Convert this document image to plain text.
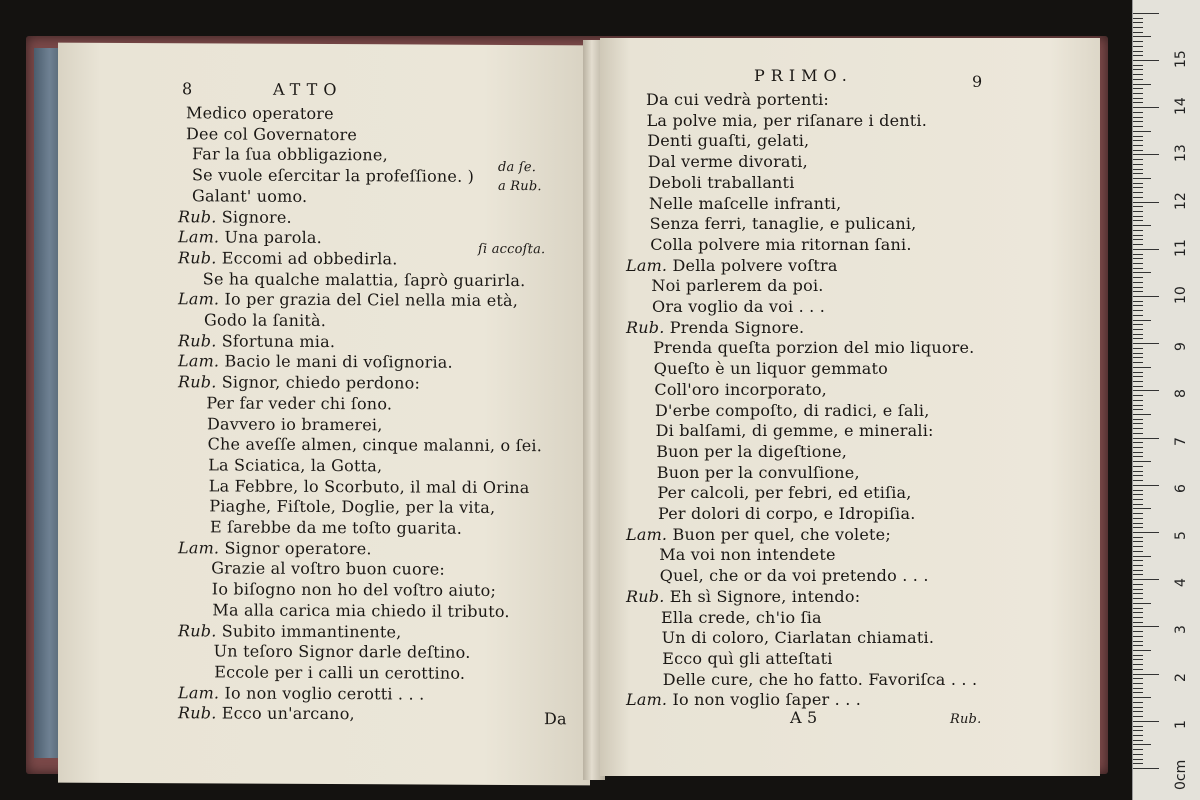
8	ATTO
Medico operatore
Dee col Governatore
Far la ſua obbligazione,
Se vuole eſercitar la profeſſione. )
Galant' uomo.
Rub. Signore.
Lam. Una parola.
Rub. Eccomi ad obbedirla.
Se ha qualche malattia, ſaprò guarirla.
Lam. Io per grazia del Ciel nella mia età,
Godo la ſanità.
Rub. Sfortuna mia.
Lam. Bacio le mani di voſignoria.
Rub. Signor, chiedo perdono:
Per far veder chi ſono.
Davvero io bramerei,
Che aveſſe almen, cinque malanni, o ſei.
La Sciatica, la Gotta,
La Febbre, lo Scorbuto, il mal di Orina
Piaghe, Fiſtole, Doglie, per la vita,
E ſarebbe da me toſto guarita.
Lam. Signor operatore.
Grazie al voſtro buon cuore:
Io biſogno non ho del voſtro aiuto;
Ma alla carica mia chiedo il tributo.
Rub. Subito immantinente,
Un teſoro Signor darle deſtino.
Eccole per i calli un cerottino.
Lam. Io non voglio cerotti . . .
Rub. Ecco un'arcano,
da ſe.
a Rub.
ſi accoſta.
Da
PRIMO.	9
Da cui vedrà portenti:
La polve mia, per riſanare i denti.
Denti guaſti, gelati,
Dal verme divorati,
Deboli traballanti
Nelle maſcelle infranti,
Senza ferri, tanaglie, e pulicani,
Colla polvere mia ritornan ſani.
Lam. Della polvere voſtra
Noi parlerem da poi.
Ora voglio da voi . . .
Rub. Prenda Signore.
Prenda queſta porzion del mio liquore.
Queſto è un liquor gemmato
Coll'oro incorporato,
D'erbe compoſto, di radici, e ſali,
Di balſami, di gemme, e minerali:
Buon per la digeſtione,
Buon per la convulſione,
Per calcoli, per febri, ed etiſia,
Per dolori di corpo, e Idropiſia.
Lam. Buon per quel, che volete;
Ma voi non intendete
Quel, che or da voi pretendo . . .
Rub. Eh sì Signore, intendo:
Ella crede, ch'io ſia
Un di coloro, Ciarlatan chiamati.
Ecco quì gli atteſtati
Delle cure, che ho fatto. Favoriſca . . .
Lam. Io non voglio ſaper . . .
A 5	Rub.
0cm
1
2
3
4
5
6
7
8
9
10
11
12
13
14
15
